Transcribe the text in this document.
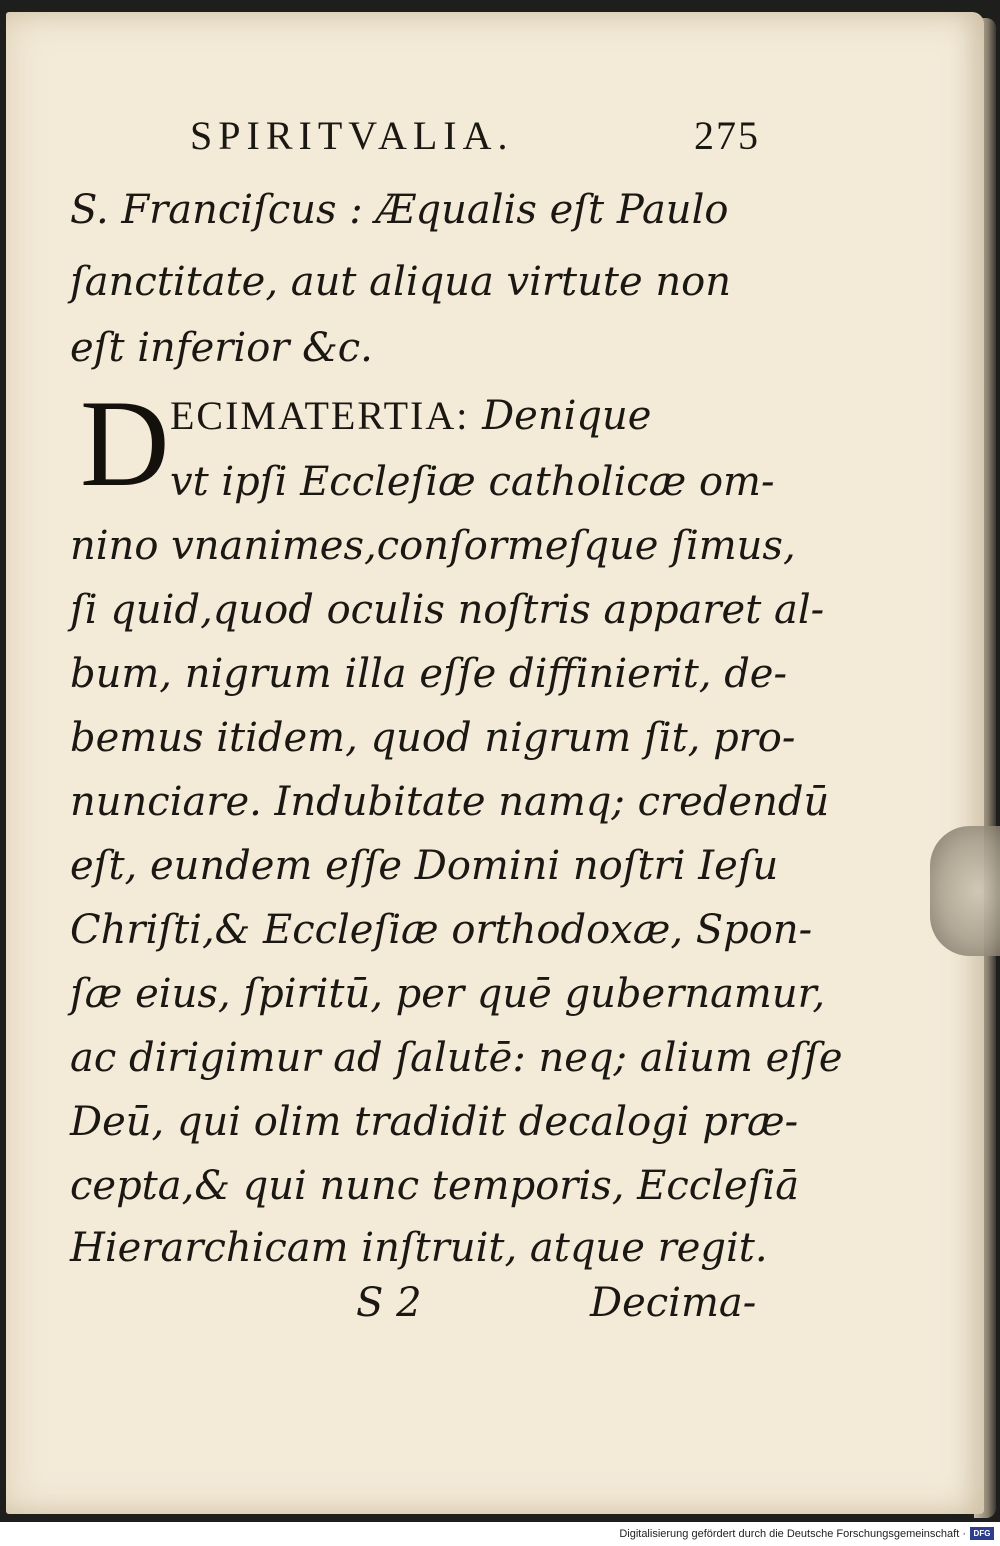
SPIRITVALIA.	275
S. Franciſcus : Æqualis eſt Paulo
ſanctitate, aut aliqua virtute non
eſt inferior &c.
ECIMATERTIA: Denique
vt ipſi Eccleſiæ catholicæ om-
nino vnanimes,conſormeſque ſimus,
ſi quid,quod oculis noſtris apparet al-
bum, nigrum illa eſſe diffinierit, de-
bemus itidem, quod nigrum ſit, pro-
nunciare. Indubitate namq; credendū
eſt, eundem eſſe Domini noſtri Ieſu
Chriſti,& Eccleſiæ orthodoxæ, Spon-
ſæ eius, ſpiritū, per quē gubernamur,
ac dirigimur ad ſalutē: neq; alium eſſe
Deū, qui olim tradidit decalogi præ-
cepta,& qui nunc temporis, Eccleſiā
Hierarchicam inſtruit, atque regit.
D
S 2	Decima-
Digitalisierung gefördert durch die Deutsche Forschungsgemeinschaft · DFG
